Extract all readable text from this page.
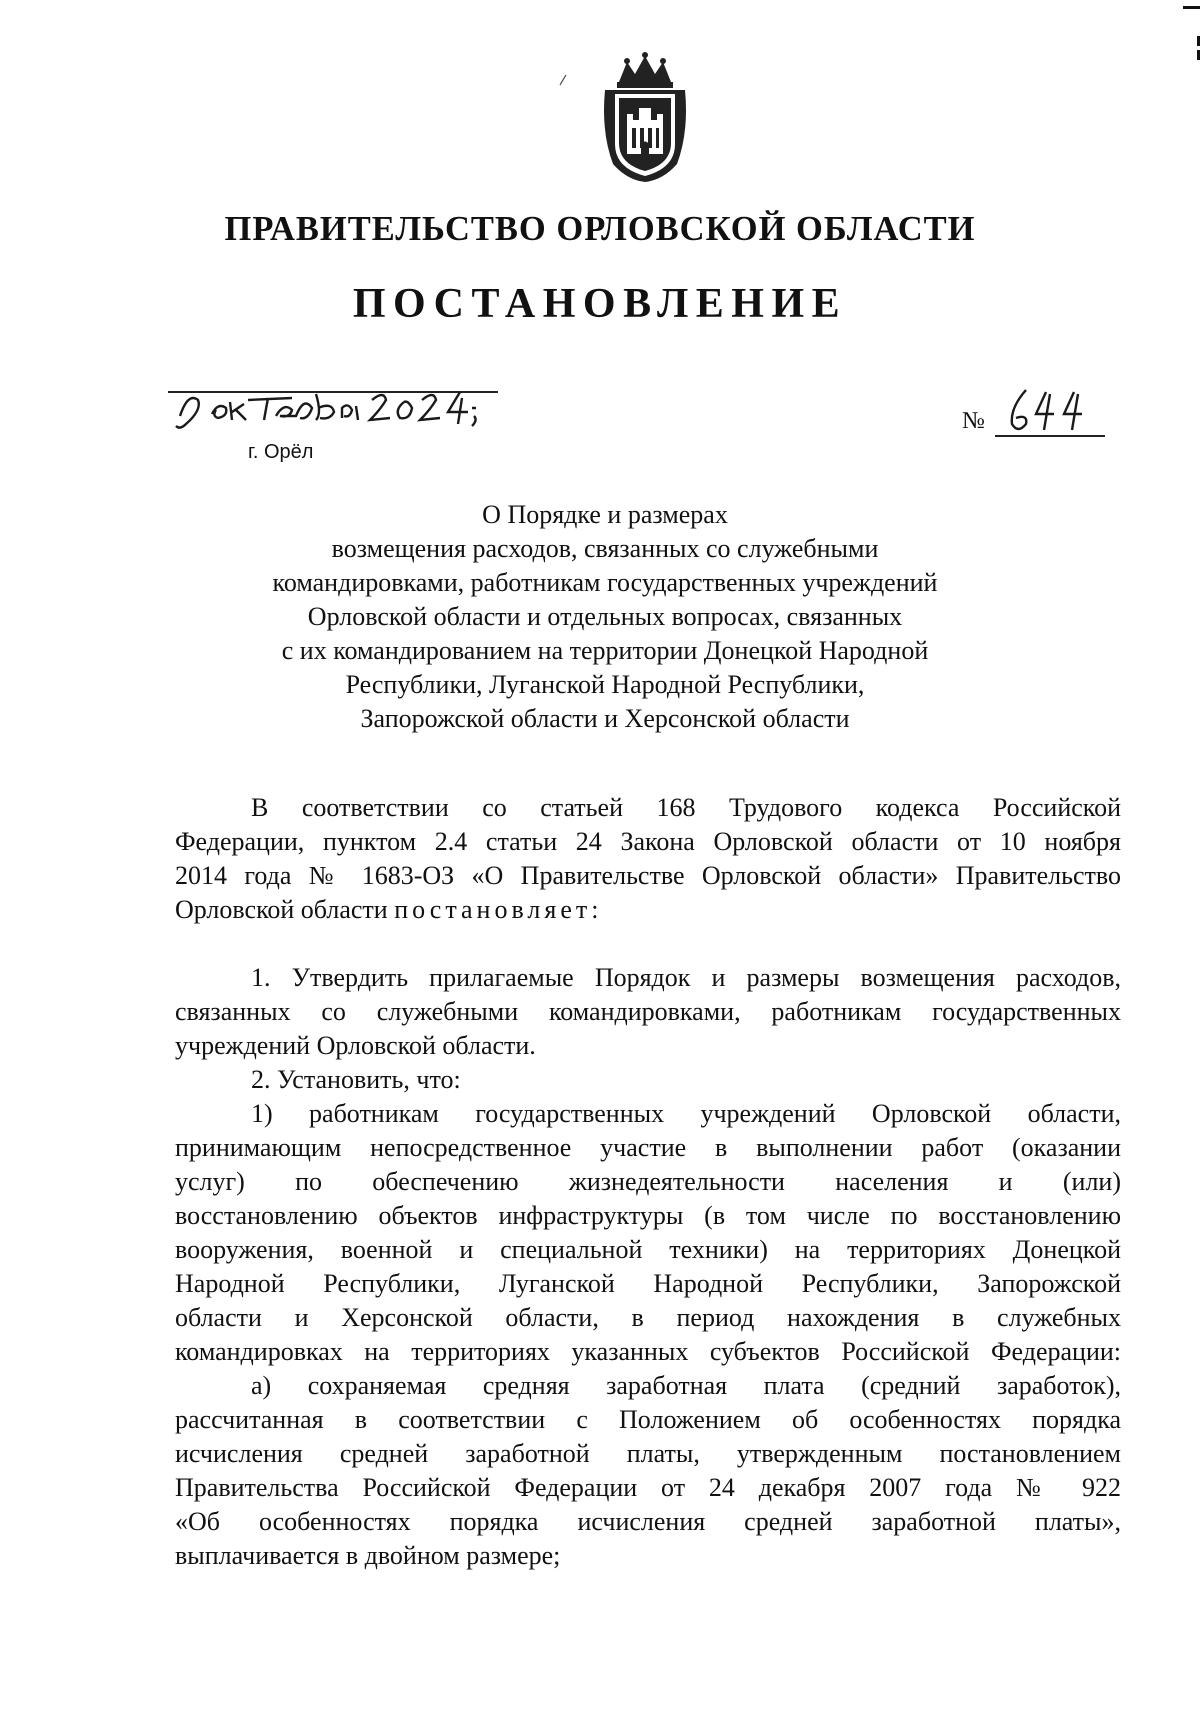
ПРАВИТЕЛЬСТВО ОРЛОВСКОЙ ОБЛАСТИ
ПОСТАНОВЛЕНИЕ
г. Орёл
№
О Порядке и размерах
возмещения расходов, связанных со служебными
командировками, работникам государственных учреждений
Орловской области и отдельных вопросах, связанных
с их командированием на территории Донецкой Народной
Республики, Луганской Народной Республики,
Запорожской области и Херсонской области
В соответствии со статьей 168 Трудового кодекса Российской
Федерации, пунктом 2.4 статьи 24 Закона Орловской области от 10 ноября
2014 года № 1683-ОЗ «О Правительстве Орловской области» Правительство
Орловской области постановляет:
1. Утвердить прилагаемые Порядок и размеры возмещения расходов,
связанных со служебными командировками, работникам государственных
учреждений Орловской области.
2. Установить, что:
1) работникам государственных учреждений Орловской области,
принимающим непосредственное участие в выполнении работ (оказании
услуг) по обеспечению жизнедеятельности населения и (или)
восстановлению объектов инфраструктуры (в том числе по восстановлению
вооружения, военной и специальной техники) на территориях Донецкой
Народной Республики, Луганской Народной Республики, Запорожской
области и Херсонской области, в период нахождения в служебных
командировках на территориях указанных субъектов Российской Федерации:
а) сохраняемая средняя заработная плата (средний заработок),
рассчитанная в соответствии с Положением об особенностях порядка
исчисления средней заработной платы, утвержденным постановлением
Правительства Российской Федерации от 24 декабря 2007 года № 922
«Об особенностях порядка исчисления средней заработной платы»,
выплачивается в двойном размере;
